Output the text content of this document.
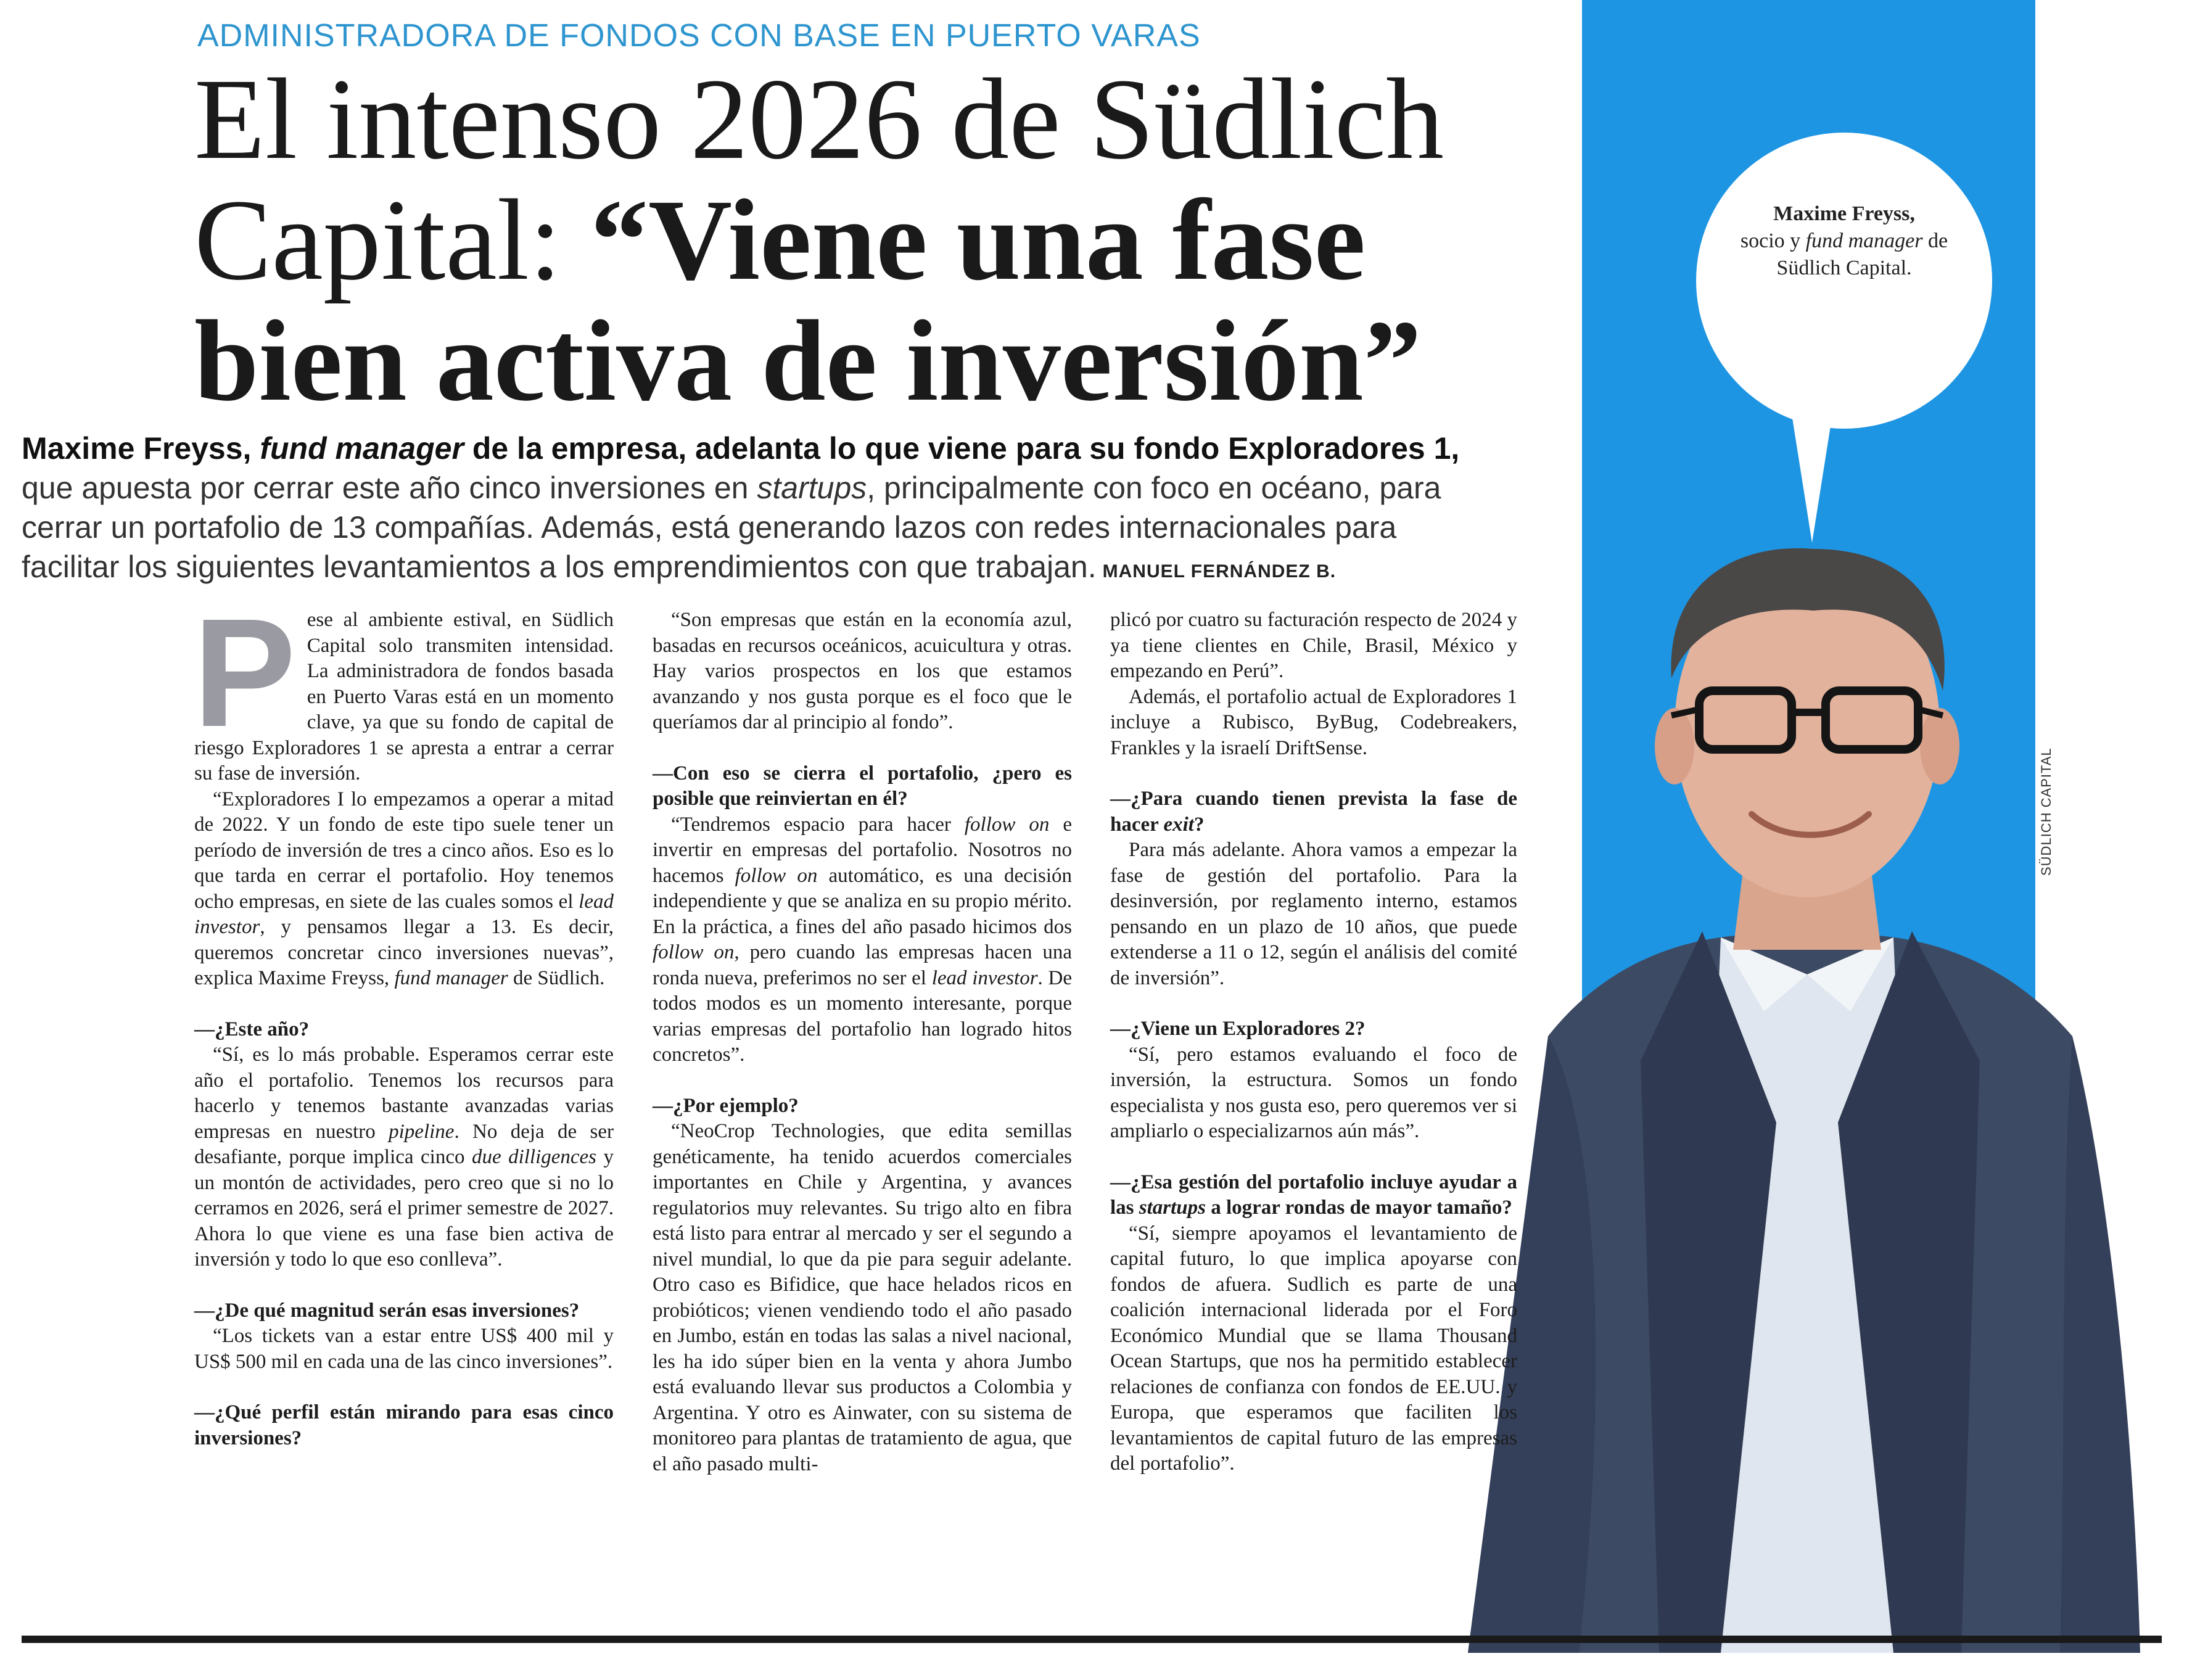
Maxime Freyss,
socio y fund manager de Südlich Capital.
SÜDLICH CAPITAL
ADMINISTRADORA DE FONDOS CON BASE EN PUERTO VARAS
El intenso 2026 de Südlich Capital: “Viene una fase bien activa de inversión”
Maxime Freyss, fund manager de la empresa, adelanta lo que viene para su fondo Exploradores 1, que apuesta por cerrar este año cinco inversiones en startups, principalmente con foco en océano, para cerrar un portafolio de 13 compañías. Además, está generando lazos con redes internacionales para facilitar los siguientes levantamientos a los emprendimientos con que trabajan. MANUEL FERNÁNDEZ B.
P ese al ambiente estival, en Südlich Capital solo transmiten intensidad. La administradora de fondos basada en Puerto Varas está en un momento clave, ya que su fondo de capital de riesgo Exploradores 1 se apresta a entrar a cerrar su fase de inversión.

“Exploradores I lo empezamos a operar a mitad de 2022. Y un fondo de este tipo suele tener un período de inversión de tres a cinco años. Eso es lo que tarda en cerrar el portafolio. Hoy tenemos ocho empresas, en siete de las cuales somos el lead investor, y pensamos llegar a 13. Es decir, queremos concretar cinco inversiones nuevas”, explica Maxime Freyss, fund manager de Südlich.

—¿Este año?

“Sí, es lo más probable. Esperamos cerrar este año el portafolio. Tenemos los recursos para hacerlo y tenemos bastante avanzadas varias empresas en nuestro pipeline. No deja de ser desafiante, porque implica cinco due dilligences y un montón de actividades, pero creo que si no lo cerramos en 2026, será el primer semestre de 2027. Ahora lo que viene es una fase bien activa de inversión y todo lo que eso conlleva”.

—¿De qué magnitud serán esas inversiones?

“Los tickets van a estar entre US$ 400 mil y US$ 500 mil en cada una de las cinco inversiones”.

—¿Qué perfil están mirando para esas cinco inversiones?

“Son empresas que están en la economía azul, basadas en recursos oceánicos, acuicultura y otras. Hay varios prospectos en los que estamos avanzando y nos gusta porque es el foco que le queríamos dar al principio al fondo”.

—Con eso se cierra el portafolio, ¿pero es posible que reinviertan en él?

“Tendremos espacio para hacer follow on e invertir en empresas del portafolio. Nosotros no hacemos follow on automático, es una decisión independiente y que se analiza en su propio mérito. En la práctica, a fines del año pasado hicimos dos follow on, pero cuando las empresas hacen una ronda nueva, preferimos no ser el lead investor. De todos modos es un momento interesante, porque varias empresas del portafolio han logrado hitos concretos”.

—¿Por ejemplo?

“NeoCrop Technologies, que edita semillas genéticamente, ha tenido acuerdos comerciales importantes en Chile y Argentina, y avances regulatorios muy relevantes. Su trigo alto en fibra está listo para entrar al mercado y ser el segundo a nivel mundial, lo que da pie para seguir adelante. Otro caso es Bifidice, que hace helados ricos en probióticos; vienen vendiendo todo el año pasado en Jumbo, están en todas las salas a nivel nacional, les ha ido súper bien en la venta y ahora Jumbo está evaluando llevar sus productos a Colombia y Argentina. Y otro es Ainwater, con su sistema de monitoreo para plantas de tratamiento de agua, que el año pasado multi-

plicó por cuatro su facturación respecto de 2024 y ya tiene clientes en Chile, Brasil, México y empezando en Perú”.

Además, el portafolio actual de Exploradores 1 incluye a Rubisco, ByBug, Codebreakers, Frankles y la israelí DriftSense.

—¿Para cuando tienen prevista la fase de hacer exit?

Para más adelante. Ahora vamos a empezar la fase de gestión del portafolio. Para la desinversión, por reglamento interno, estamos pensando en un plazo de 10 años, que puede extenderse a 11 o 12, según el análisis del comité de inversión”.

—¿Viene un Exploradores 2?

“Sí, pero estamos evaluando el foco de inversión, la estructura. Somos un fondo especialista y nos gusta eso, pero queremos ver si ampliarlo o especializarnos aún más”.

—¿Esa gestión del portafolio incluye ayudar a las startups a lograr rondas de mayor tamaño?

“Sí, siempre apoyamos el levantamiento de capital futuro, lo que implica apoyarse con fondos de afuera. Sudlich es parte de una coalición internacional liderada por el Foro Económico Mundial que se llama Thousand Ocean Startups, que nos ha permitido establecer relaciones de confianza con fondos de EE.UU. y Europa, que esperamos que faciliten los levantamientos de capital futuro de las empresas del portafolio”.
